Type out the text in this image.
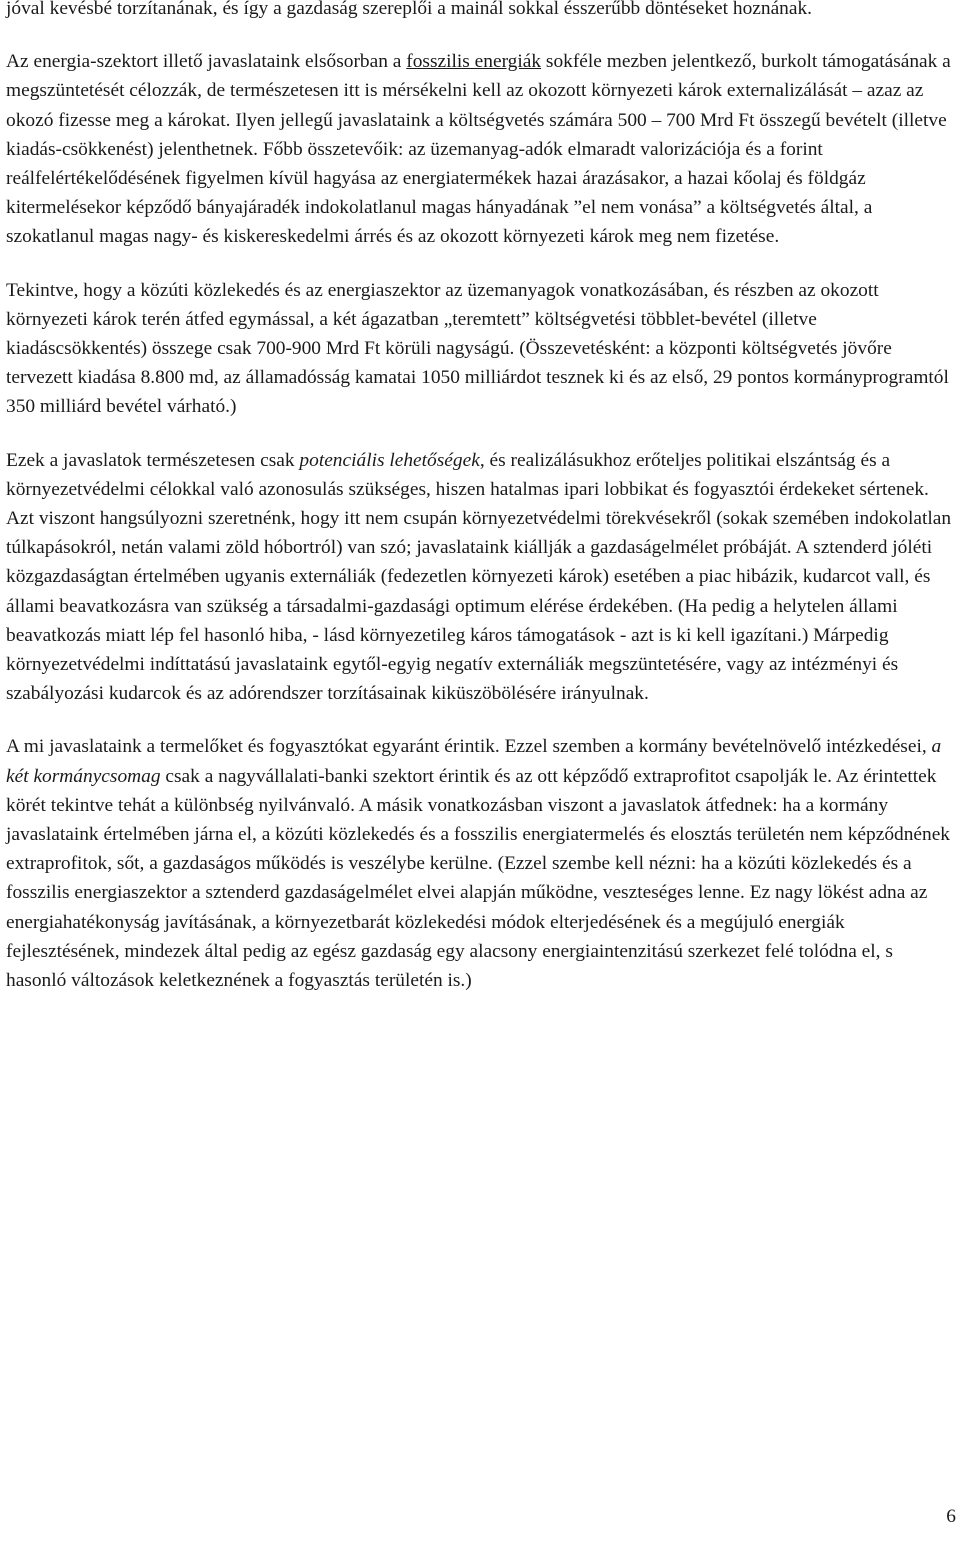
jóval kevésbé torzítanának, és így a gazdaság szereplői a mainál sokkal ésszerűbb döntéseket hoznának.

Az energia-szektort illető javaslataink elsősorban a fosszilis energiák sokféle mezben jelentkező, burkolt támogatásának a megszüntetését célozzák, de természetesen itt is mérsékelni kell az okozott környezeti károk externalizálását – azaz az okozó fizesse meg a károkat. Ilyen jellegű javaslataink a költségvetés számára 500 – 700 Mrd Ft összegű bevételt (illetve kiadás-csökkenést) jelenthetnek. Főbb összetevőik: az üzemanyag-adók elmaradt valorizációja és a forint reálfelértékelődésének figyelmen kívül hagyása az energiatermékek hazai árazásakor, a hazai kőolaj és földgáz kitermelésekor képződő bányajáradék indokolatlanul magas hányadának ”el nem vonása” a költségvetés által, a szokatlanul magas nagy- és kiskereskedelmi árrés és az okozott környezeti károk meg nem fizetése.

Tekintve, hogy a közúti közlekedés és az energiaszektor az üzemanyagok vonatkozásában, és részben az okozott környezeti károk terén átfed egymással, a két ágazatban „teremtett” költségvetési többlet-bevétel (illetve kiadáscsökkentés) összege csak 700-900 Mrd Ft körüli nagyságú. (Összevetésként: a központi költségvetés jövőre tervezett kiadása 8.800 md, az államadósság kamatai 1050 milliárdot tesznek ki és az első, 29 pontos kormányprogramtól 350 milliárd bevétel várható.)

Ezek a javaslatok természetesen csak potenciális lehetőségek, és realizálásukhoz erőteljes politikai elszántság és a környezetvédelmi célokkal való azonosulás szükséges, hiszen hatalmas ipari lobbikat és fogyasztói érdekeket sértenek. Azt viszont hangsúlyozni szeretnénk, hogy itt nem csupán környezetvédelmi törekvésekről (sokak szemében indokolatlan túlkapásokról, netán valami zöld hóbortról) van szó; javaslataink kiállják a gazdaságelmélet próbáját. A sztenderd jóléti közgazdaságtan értelmében ugyanis externáliák (fedezetlen környezeti károk) esetében a piac hibázik, kudarcot vall, és állami beavatkozásra van szükség a társadalmi-gazdasági optimum elérése érdekében. (Ha pedig a helytelen állami beavatkozás miatt lép fel hasonló hiba, - lásd környezetileg káros támogatások - azt is ki kell igazítani.) Márpedig környezetvédelmi indíttatású javaslataink egytől-egyig negatív externáliák megszüntetésére, vagy az intézményi és szabályozási kudarcok és az adórendszer torzításainak kiküszöbölésére irányulnak.

A mi javaslataink a termelőket és fogyasztókat egyaránt érintik. Ezzel szemben a kormány bevételnövelő intézkedései, a két kormánycsomag csak a nagyvállalati-banki szektort érintik és az ott képződő extraprofitot csapolják le. Az érintettek körét tekintve tehát a különbség nyilvánvaló. A másik vonatkozásban viszont a javaslatok átfednek: ha a kormány javaslataink értelmében járna el, a közúti közlekedés és a fosszilis energiatermelés és elosztás területén nem képződnének extraprofitok, sőt, a gazdaságos működés is veszélybe kerülne. (Ezzel szembe kell nézni: ha a közúti közlekedés és a fosszilis energiaszektor a sztenderd gazdaságelmélet elvei alapján működne, veszteséges lenne. Ez nagy lökést adna az energiahatékonyság javításának, a környezetbarát közlekedési módok elterjedésének és a megújuló energiák fejlesztésének, mindezek által pedig az egész gazdaság egy alacsony energiaintenzitású szerkezet felé tolódna el, s hasonló változások keletkeznének a fogyasztás területén is.)

6
